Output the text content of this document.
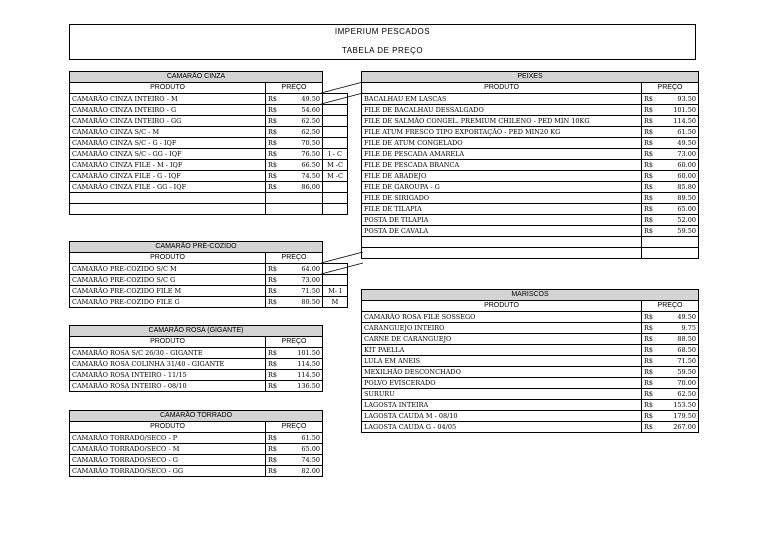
IMPERIUM PESCADOS
TABELA DE PREÇO
CAMARÃO CINZA			
PRODUTO	PREÇO		
CAMARÃO CINZA INTEIRO - M	R$	49.50	
CAMARÃO CINZA INTEIRO - G	R$	54.60	
CAMARÃO CINZA INTEIRO - GG	R$	62.50	
CAMARÃO CINZA S/C - M	R$	62.50	
CAMARÃO CINZA S/C - G - IQF	R$	70.50	
CAMARÃO CINZA S/C - GG - IQF	R$	76.50	I - C
CAMARÃO CINZA FILE - M - IQF	R$	66.50	M -C
CAMARÃO CINZA FILE - G - IQF	R$	74.50	M -C
CAMARÃO CINZA FILE - GG - IQF	R$	86.00	

CAMARÃO PRÉ-COZIDO			
PRODUTO	PREÇO		
CAMARÃO PRE-COZIDO S/C M	R$	64.00	
CAMARÃO PRE-COZIDO S/C G	R$	73.00	
CAMARÃO PRE-COZIDO FILE M	R$	71.50	M- I
CAMARÃO PRE-COZIDO FILE G	R$	80.50	M
CAMARÃO ROSA (GIGANTE)		
PRODUTO	PREÇO	
CAMARÃO ROSA S/C 26/30 - GIGANTE	R$	101.50
CAMARÃO ROSA COLINHA 31/40 - GIGANTE	R$	114.50
CAMARÃO ROSA INTEIRO - 11/15	R$	114.50
CAMARÃO ROSA INTEIRO - 08/10	R$	136.50
CAMARÃO TORRADO		
PRODUTO	PREÇO	
CAMARÃO TORRADO/SECO - P	R$	61.50
CAMARÃO TORRADO/SECO - M	R$	65.00
CAMARÃO TORRADO/SECO - G	R$	74.50
CAMARÃO TORRADO/SECO - GG	R$	82.00
PEIXES		
PRODUTO	PREÇO	
BACALHAU EM LASCAS	R$	93.50
FILE DE BACALHAU DESSALGADO	R$	101.50
FILE DE SALMÃO CONGEL. PREMIUM CHILENO - PED MIN 10KG	R$	114.50
FILE ATUM FRESCO TIPO EXPORTAÇÃO - PED MIN20 KG	R$	61.50
FILE DE ATUM CONGELADO	R$	49.50
FILE DE PESCADA AMARELA	R$	73.00
FILE DE PESCADA BRANCA	R$	60.00
FILE DE ABADEJO	R$	60.00
FILE DE GAROUPA - G	R$	85.80
FILE DE SIRIGADO	R$	89.50
FILE DE TILAPIA	R$	65.00
POSTA DE TILAPIA	R$	52.00
POSTA DE CAVALA	R$	59.50

MARISCOS		
PRODUTO	PREÇO	
CAMARÃO ROSA FILE SOSSEGO	R$	49.50
CARANGUEJO INTEIRO	R$	9.75
CARNE DE CARANGUEJO	R$	88.50
KIT PAELLA	R$	68.50
LULA EM ANEIS	R$	71.50
MEXILHÃO DESCONCHADO	R$	59.50
POLVO EVISCERADO	R$	70.00
SURURU	R$	62.50
LAGOSTA INTEIRA	R$	153.50
LAGOSTA CAUDA M - 08/10	R$	179.50
LAGOSTA CAUDA G - 04/05	R$	267.00
